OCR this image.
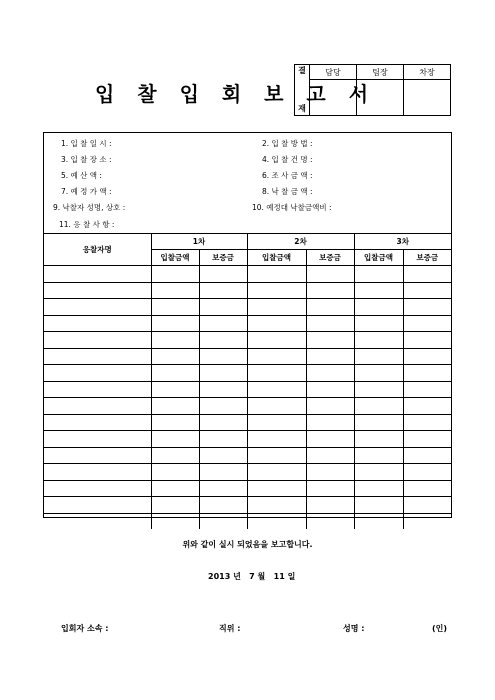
입 찰 입 회 보 고 서
결
재	담당	팀장	차장

1. 입 찰 일 시 :	2. 입 찰 방 법 :
3. 입 찰 장 소 :	4. 입 찰 건 명 :
5. 예 산 액 :	6. 조 사 금 액 :
7. 예 정 가 액 :	8. 낙 찰 금 액 :
9. 낙찰자 성명, 상호 :	10. 예정대 낙찰금액비 :
11. 응 찰 사 항 :
응찰자명	1차		2차		3차	
	입찰금액	보증금	입찰금액	보증금	입찰금액	보증금

위와 같이 실시 되었음을 보고합니다.
2013 년 7 월 11 일
입회자 소속 :	직위 :	성명 :	(인)
